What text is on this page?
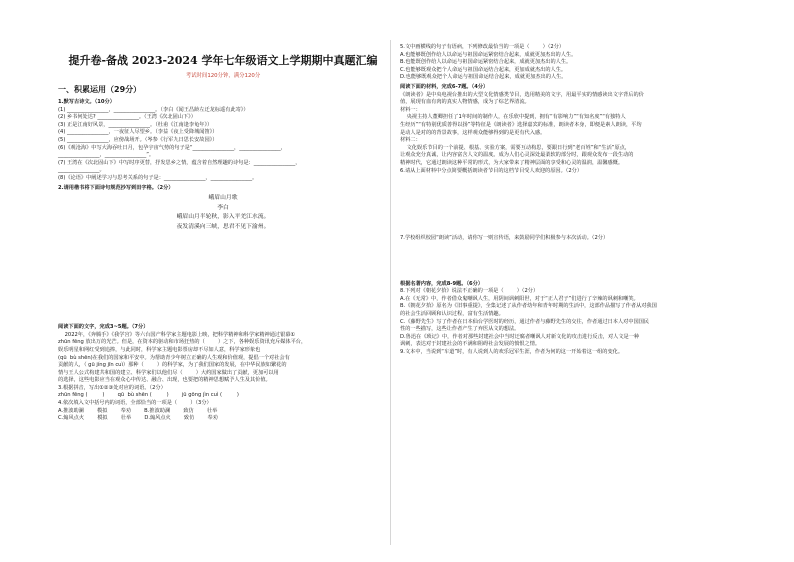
提升卷-备战 2023-2024 学年七年级语文上学期期中真题汇编
考试时间120分钟，满分120分
一、积累运用（29分）
1.默写古诗文。（10分）
(1) ________________，________________。（李白《闻王昌龄左迁龙标遥有此寄》）
(2) 乡书何处达? ________________。（王湾《次北固山下》）
(3) 正是江南好风景，________________。（杜甫《江南逢李龟年》）
(4) ________________，一夜征人尽望乡。（李益《夜上受降城闻笛》）
(5) ________________，应傍战场开。（岑参《行军九日思长安故园》）
(6)《观沧海》中写大海吞吐日月，包孕宇宙气势的句子是“________________，________________，
________________，________________”。
(7) 王湾在《次北固山下》中写时序更替，抒发思乡之情，蕴含着自然理趣的诗句是：________________，
________________。
(8)《论语》中阐述学习与思考关系的句子是：________________，________________。
2.请用楷书将下面诗句规范抄写到田字格。（2分）
峨眉山月歌
李白
峨眉山月半轮秋，影入平羌江水流。
夜发清溪向三峡，思君不见下渝州。
阅读下面的文字，完成3~5题。（7分）
2022年，《奔腾手》《我学宫》等六台国产科学家主题电影上映，把科学精神和科学家精神通过银幕①
zhūn fēng 放出万的光芒。但是，在资本的驱动和市场狂热的（        ）之下，各种娱乐资讯充斥媒体平台，
娱乐明星和网红受到追捧，与此同时，科学家主题电影票房却不尽如人意，科学家形象也
(qū  bù shēn)在我们的国家和平安中。为帮助青少年树立正确的人生观和价值观，提倡一个对社会有
贡献的人，（ gū jíng jīn cuì）那种（        ）的科学家，为了我们国家的发展，在中华民族如繁花的
情与王人公式构建共和国的建立、科学家们以他们尽（        ）大约国家做出了贡献，更加可以用
的选择，这些电影应当在观众心中传达、融合、出现，也要把的精神思想赋予人生及其价值。
3.根据拼音，写出①②③处对应的词语。（2分）
zhūn fēng (         )        qū  bù shēn (         )        jū gōng jìn cuì (         )
4.依次填入文中括号内的词语，全部恰当的一项是（        ）（3分）
A.推波助澜        模拟        奉劝        B.推波助澜        致仿        壮举
C.煽风点火        模拟        壮举        D.煽风点火        致仿        奉劝
5.文中画横线的句子有语病，下列修改最恰当的一项是（        ）（2分）
A.也能够既创作给人以命运与祖国命运紧密结合起来，成就更加杰出的人生。
B.也能既创作给人以命运与祖国命运紧密结合起来，成就更加杰出的人生。
C.也能够既观众把个人命运与祖国命运结合起来，更加成就杰出的人生。
D.也能够既观众把个人命运与祖国命运结合起来，成就更加杰出的人生。
阅读下面的材料，完成6-7题。（4分）
《朗读者》是中央电视台推出的大型文化情感类节目，选用精美的文字，用最平实的情感读出文字背后的价
值，展现有血有肉的真实人物情感，成为了综艺界清流。
材料一：
央视主持人董卿担任了1年时间的制作人，在乐欣中提到，拥有“有影响力”“有知名度”“有独特人
生经历”“有特别优质善得以扬”等特征是《朗读者》选择嘉宾的标准，朗读者本身，即便是素人朗读，平均
是动人是对的的背景故事，这样观众能够得到的是更有代入感。
材料二：
文化娱乐节目的一个前提、根基、实验方案，需要互动构思，要跟日行到“老百姓”和“生活”原点，
让观众充分真诚，让内容富含人文的温度。成为人们心灵深处最柔软的部分时，跟观众发布一段生动的
精神时代，它通过朗读这种平常的形式，为大家带来了精神层面的享受和心灵的温润，温馨感慨。
6.请从上面材料中分点简要概括朗读者节目的这档节目受人欢迎的原因。（2分）
7.学校组织校园“朗读”活动，请你写一则宣传语，来鼓励同学们积极参与本次活动。（2分）
根据名著内容，完成8-9题。（6分）
8.下列对《朝花夕拾》说法不正确的一项是（        ）（2分）
A.在《无常》中，作者借众鬼嘲讽人生，用阴间讽刺阳世，对于“正人君子”们进行了辛辣的讽刺和嘲笑。
B.《朝花夕拾》原名为《旧事重提》，全集记述了从作者幼年和青年时期的生活中，这部作品描写了作者从对我国
的社会生活回顾和认识过程，富有生活情趣。
C.《藤野先生》写了作者在日本仙台学医时的经历，通过作者与藤野先生的交往，作者通过日本人对中国国民
性的一些描写，这些让作者产生了弃医从文的想法。
D.鲁迅在《琐记》中，作者对那些封建社会中当时迂腐者嘲讽人对新文化的攻击进行反击，对人文是一种
讽刺，表达对于封建社会的不满和阻碍社会发展的愤恨之情。
9.文本中，当说到“车道”时，有人说到人的欢乐冠军生涯，作者为何的这一开始着这一组的变化。
